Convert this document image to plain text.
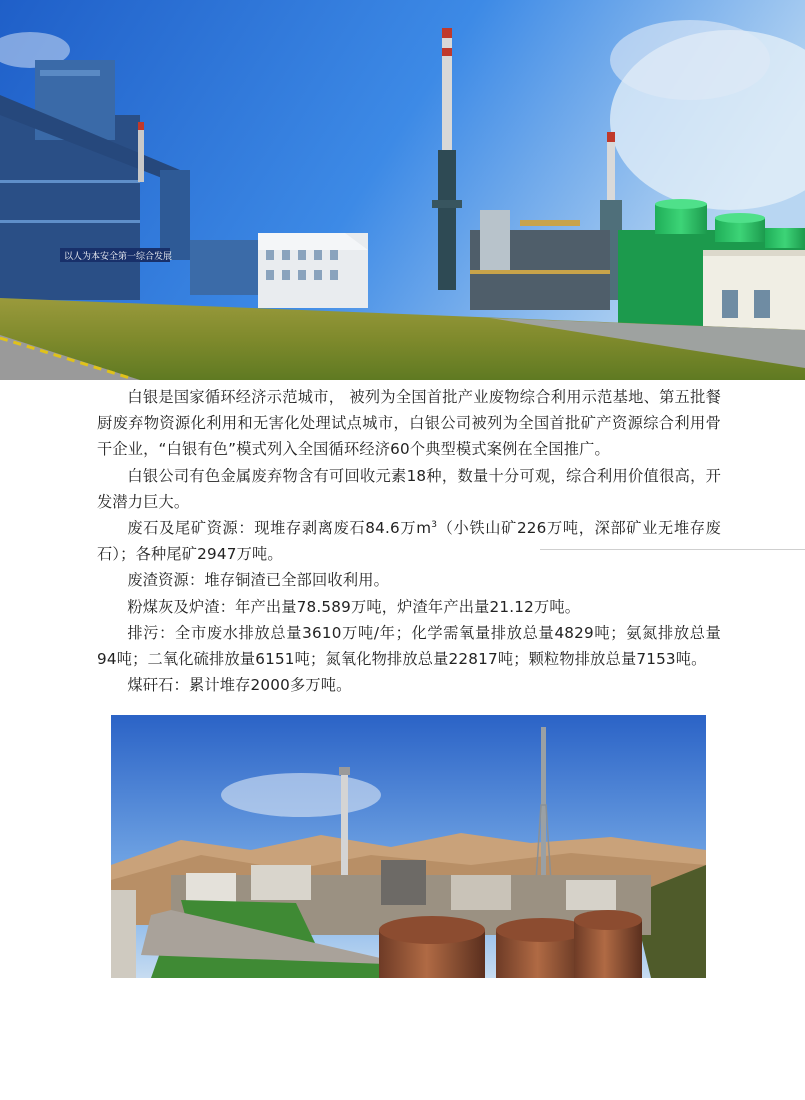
以人为本安全第一综合发展

白银是国家循环经济示范城市， 被列为全国首批产业废物综合利用示范基地、第五批餐厨废弃物资源化利用和无害化处理试点城市，白银公司被列为全国首批矿产资源综合利用骨干企业，“白银有色”模式列入全国循环经济60个典型模式案例在全国推广。

白银公司有色金属废弃物含有可回收元素18种，数量十分可观，综合利用价值很高，开发潜力巨大。

废石及尾矿资源：现堆存剥离废石84.6万$m^3$（小铁山矿226万吨，深部矿业无堆存废石）；各种尾矿2947万吨。

废渣资源：堆存铜渣已全部回收利用。

粉煤灰及炉渣：年产出量78.589万吨，炉渣年产出量21.12万吨。

排污：全市废水排放总量3610万吨/年；化学需氧量排放总量4829吨；氨氮排放总量94吨；二氧化硫排放量6151吨；氮氧化物排放总量22817吨；颗粒物排放总量7153吨。

煤矸石：累计堆存2000多万吨。
